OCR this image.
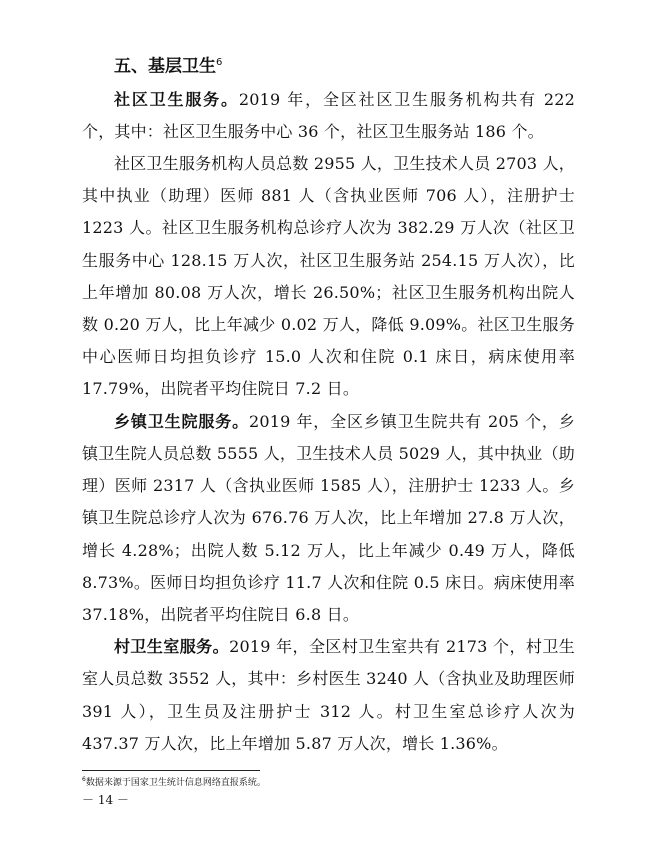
五、基层卫生$^6$

社区卫生服务。2019 年，全区社区卫生服务机构共有 222 个，其中：社区卫生服务中心 36 个，社区卫生服务站 186 个。

社区卫生服务机构人员总数 2955 人，卫生技术人员 2703 人，其中执业（助理）医师 881 人（含执业医师 706 人），注册护士 1223 人。社区卫生服务机构总诊疗人次为 382.29 万人次（社区卫生服务中心 128.15 万人次，社区卫生服务站 254.15 万人次），比上年增加 80.08 万人次，增长 26.50%；社区卫生服务机构出院人数 0.20 万人，比上年减少 0.02 万人，降低 9.09%。社区卫生服务中心医师日均担负诊疗 15.0 人次和住院 0.1 床日，病床使用率 17.79%，出院者平均住院日 7.2 日。

乡镇卫生院服务。2019 年，全区乡镇卫生院共有 205 个，乡镇卫生院人员总数 5555 人，卫生技术人员 5029 人，其中执业（助理）医师 2317 人（含执业医师 1585 人），注册护士 1233 人。乡镇卫生院总诊疗人次为 676.76 万人次，比上年增加 27.8 万人次，增长 4.28%；出院人数 5.12 万人，比上年减少 0.49 万人，降低 8.73%。医师日均担负诊疗 11.7 人次和住院 0.5 床日。病床使用率 37.18%，出院者平均住院日 6.8 日。

村卫生室服务。2019 年，全区村卫生室共有 2173 个，村卫生室人员总数 3552 人，其中：乡村医生 3240 人（含执业及助理医师 391 人），卫生员及注册护士 312 人。村卫生室总诊疗人次为 437.37 万人次，比上年增加 5.87 万人次，增长 1.36%。

$^6$数据来源于国家卫生统计信息网络直报系统。
－ 14 －
